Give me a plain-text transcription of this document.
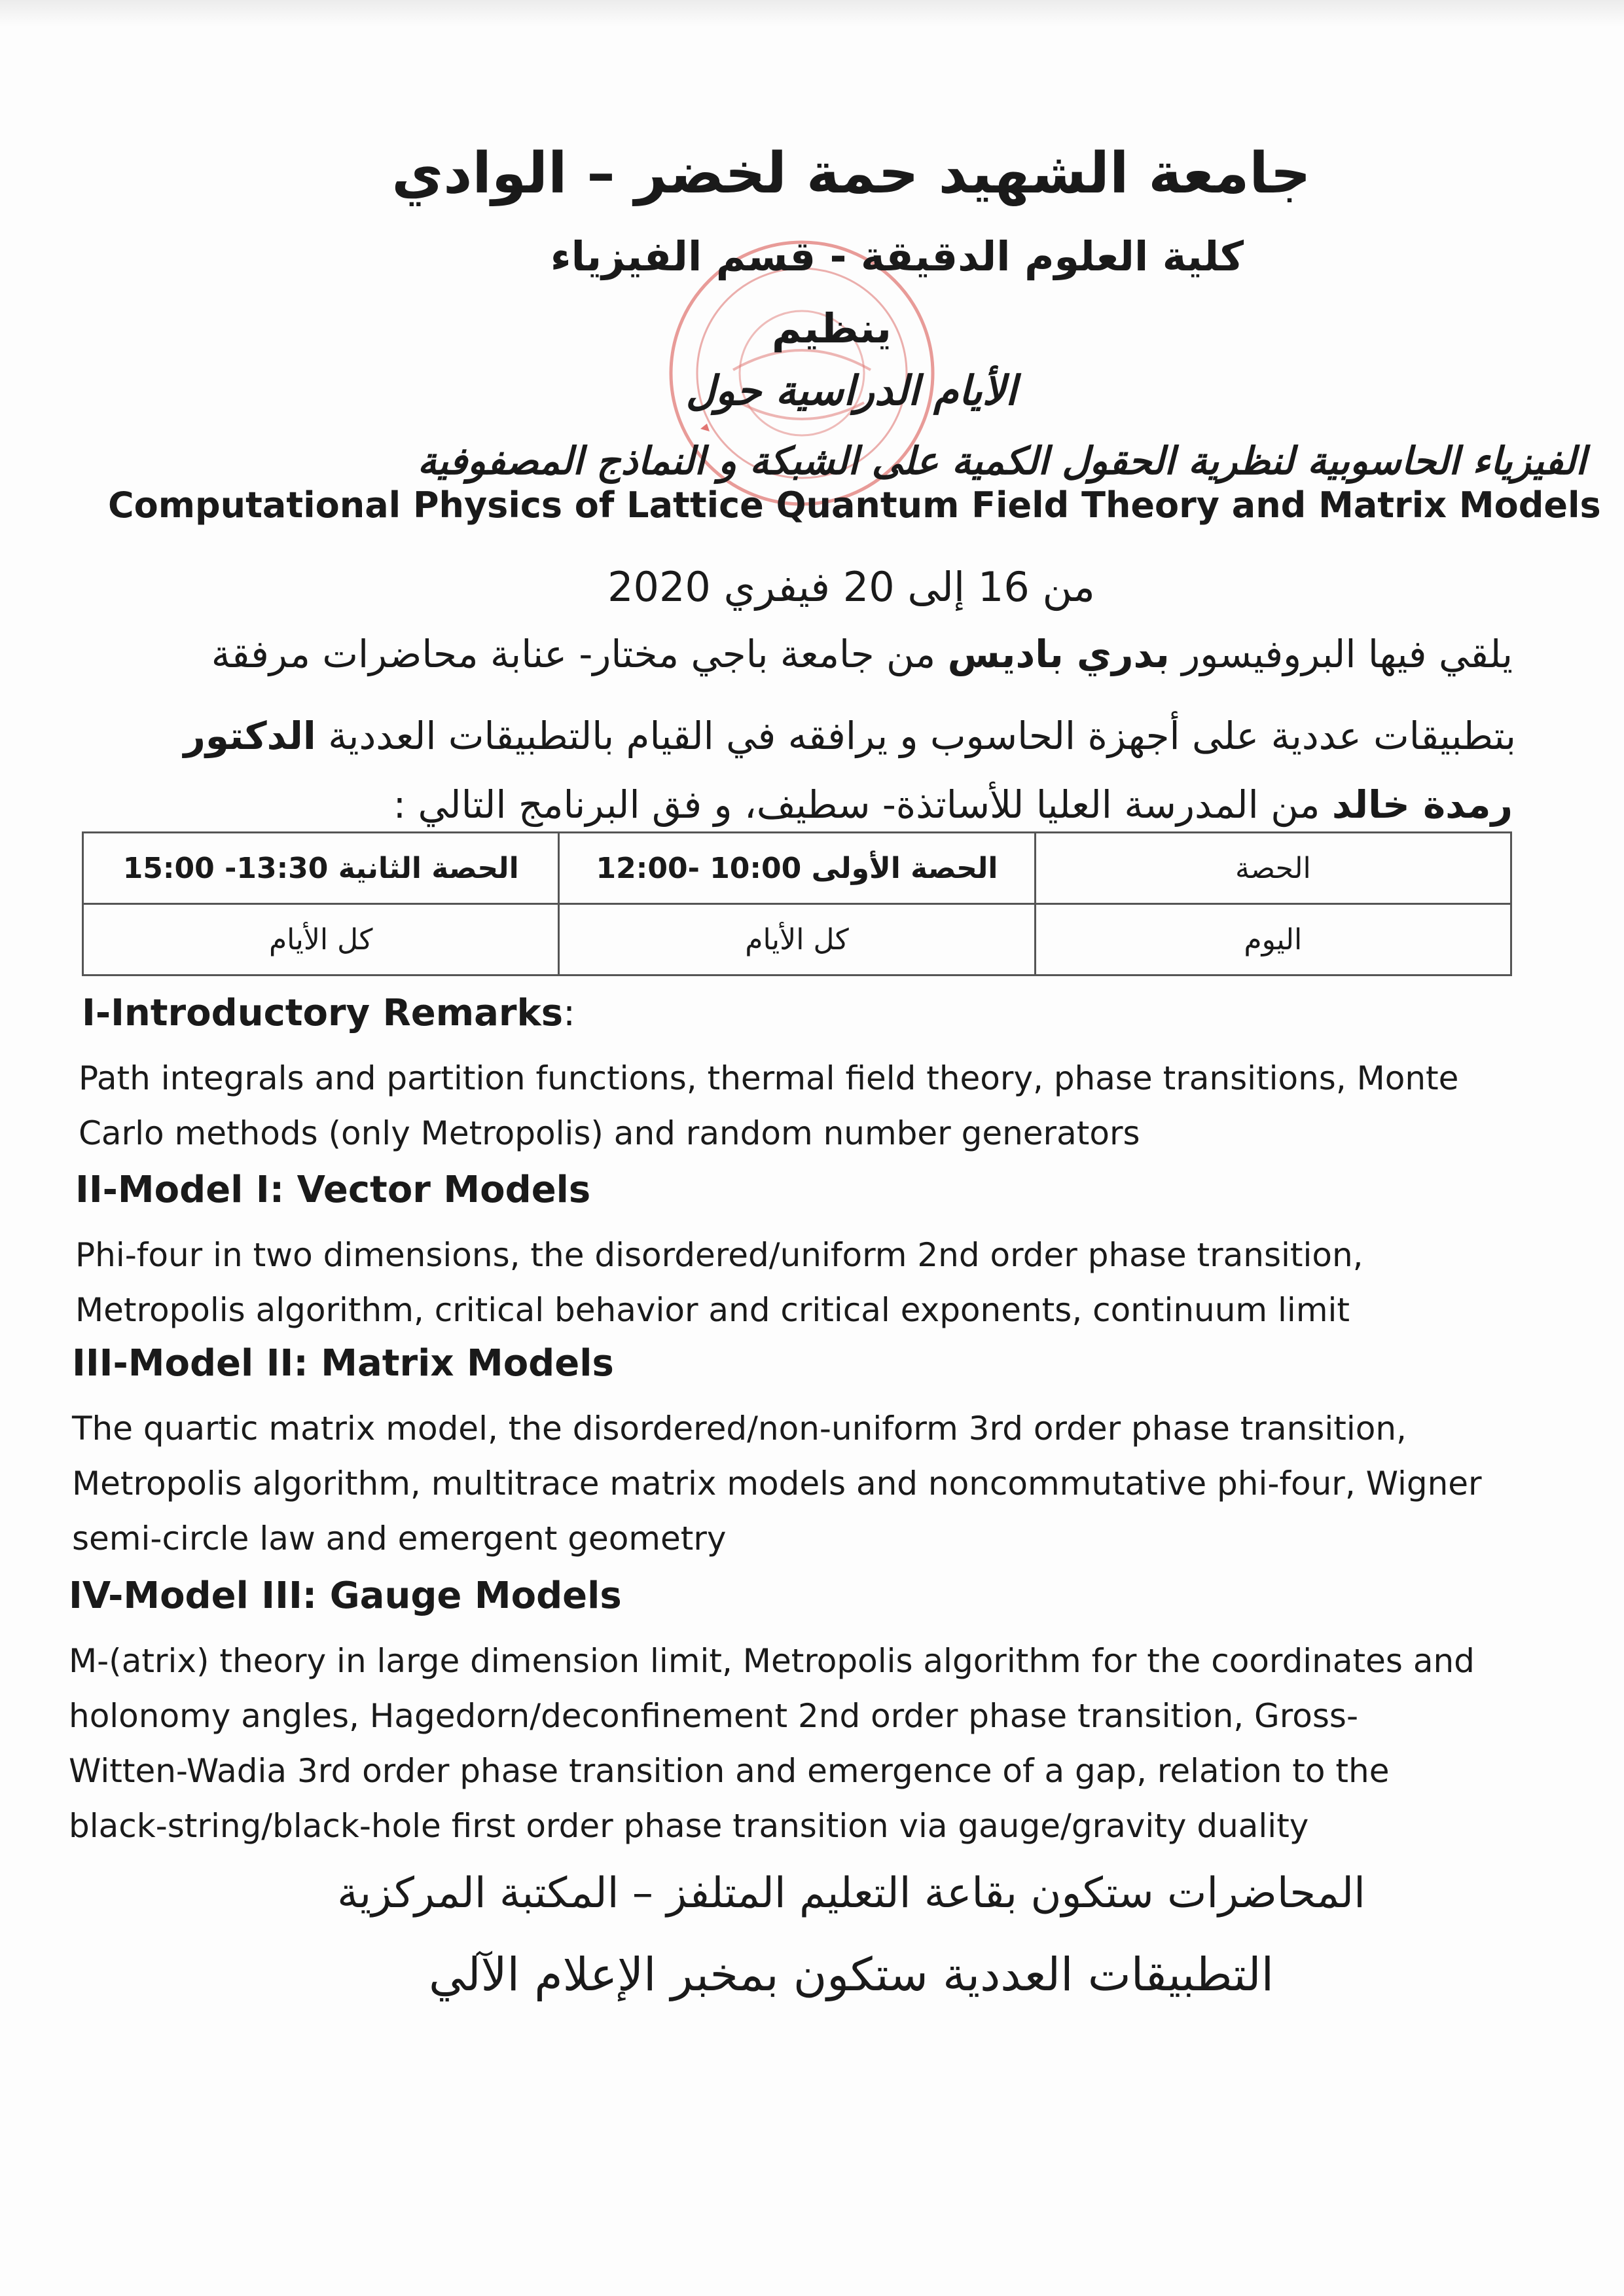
جامعة الشهيد حمة لخضر – الوادي
كلية العلوم الدقيقة - قسم الفيزياء
ينظيم
الأيام الدراسية حول
الفيزياء الحاسوبية لنظرية الحقول الكمية على الشبكة و النماذج المصفوفية
Computational Physics of Lattice Quantum Field Theory and Matrix Models
من 16 إلى 20 فيفري 2020
يلقي فيها البروفيسور بدري باديس من جامعة باجي مختار- عنابة محاضرات مرفقة
بتطبيقات عددية على أجهزة الحاسوب و يرافقه في القيام بالتطبيقات العددية الدكتور
رمدة خالد من المدرسة العليا للأساتذة- سطيف، و فق البرنامج التالي :
الحصة	الحصة الأولى 10:00 -12:00	الحصة الثانية 13:30- 15:00
اليوم	كل الأيام	كل الأيام
I-Introductory Remarks:
Path integrals and partition functions, thermal field theory, phase transitions, Monte
Carlo methods (only Metropolis) and random number generators
II-Model I: Vector Models
Phi-four in two dimensions, the disordered/uniform 2nd order phase transition,
Metropolis algorithm, critical behavior and critical exponents, continuum limit
III-Model II: Matrix Models
The quartic matrix model, the disordered/non-uniform 3rd order phase transition,
Metropolis algorithm, multitrace matrix models and noncommutative phi-four, Wigner
semi-circle law and emergent geometry
IV-Model III: Gauge Models
M-(atrix) theory in large dimension limit, Metropolis algorithm for the coordinates and
holonomy angles, Hagedorn/deconfinement 2nd order phase transition, Gross-
Witten-Wadia 3rd order phase transition and emergence of a gap, relation to the
black-string/black-hole first order phase transition via gauge/gravity duality
المحاضرات ستكون بقاعة التعليم المتلفز – المكتبة المركزية
التطبيقات العددية ستكون بمخبر الإعلام الآلي
